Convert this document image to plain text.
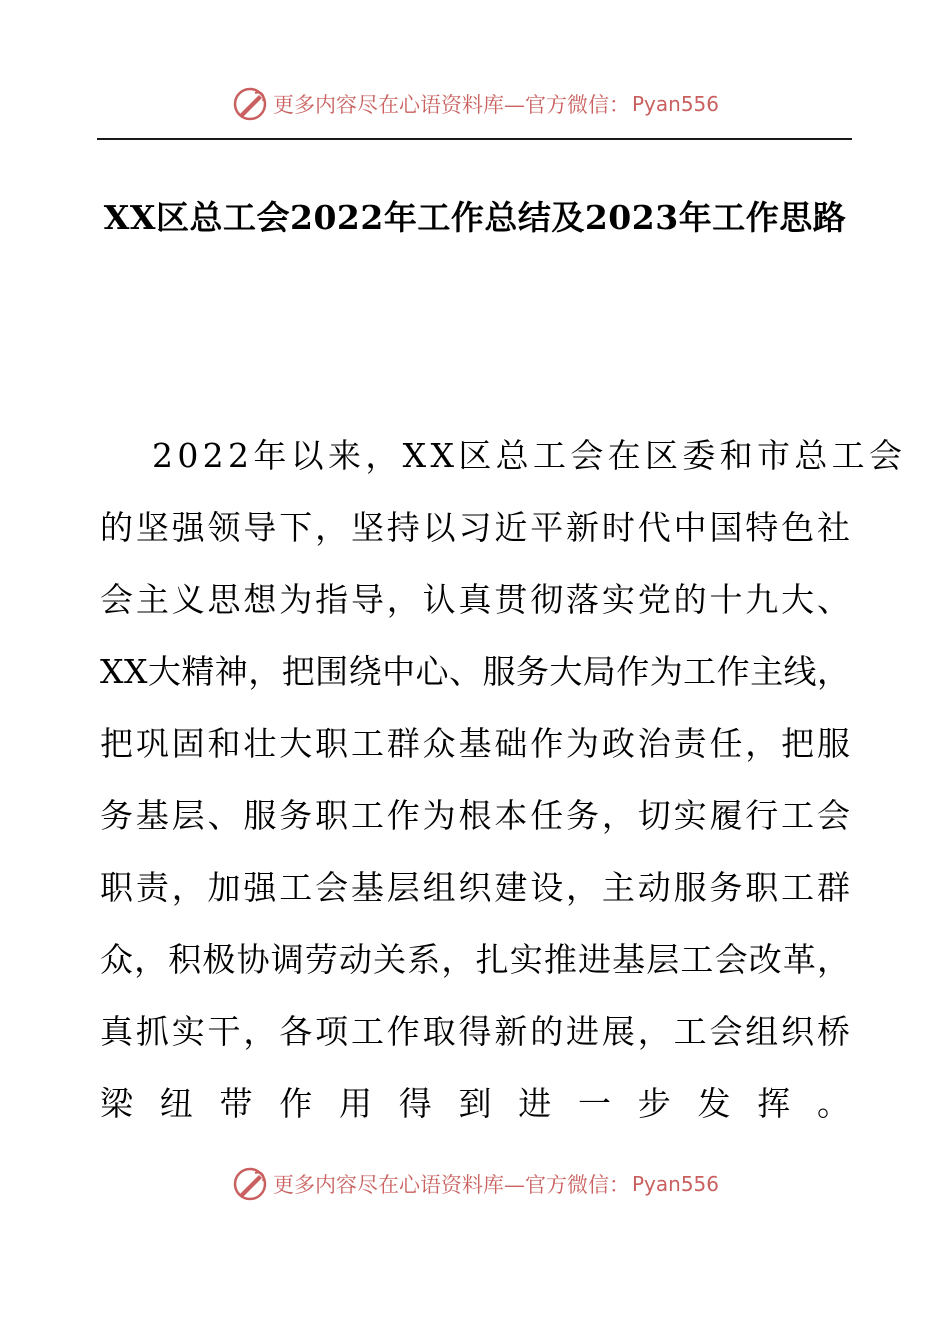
更多内容尽在心语资料库—官方微信： Pyan556
XX区总工会2022年工作总结及2023年工作思路
2022年以来，XX区总工会在区委和市总工会
的坚强领导下，坚持以习近平新时代中国特色社
会主义思想为指导，认真贯彻落实党的十九大、
XX大精神，把围绕中心、服务大局作为工作主线，
把巩固和壮大职工群众基础作为政治责任，把服
务基层、服务职工作为根本任务，切实履行工会
职责，加强工会基层组织建设，主动服务职工群
众，积极协调劳动关系，扎实推进基层工会改革，
真抓实干，各项工作取得新的进展，工会组织桥
梁纽带作用得到进一步发挥。
更多内容尽在心语资料库—官方微信： Pyan556
